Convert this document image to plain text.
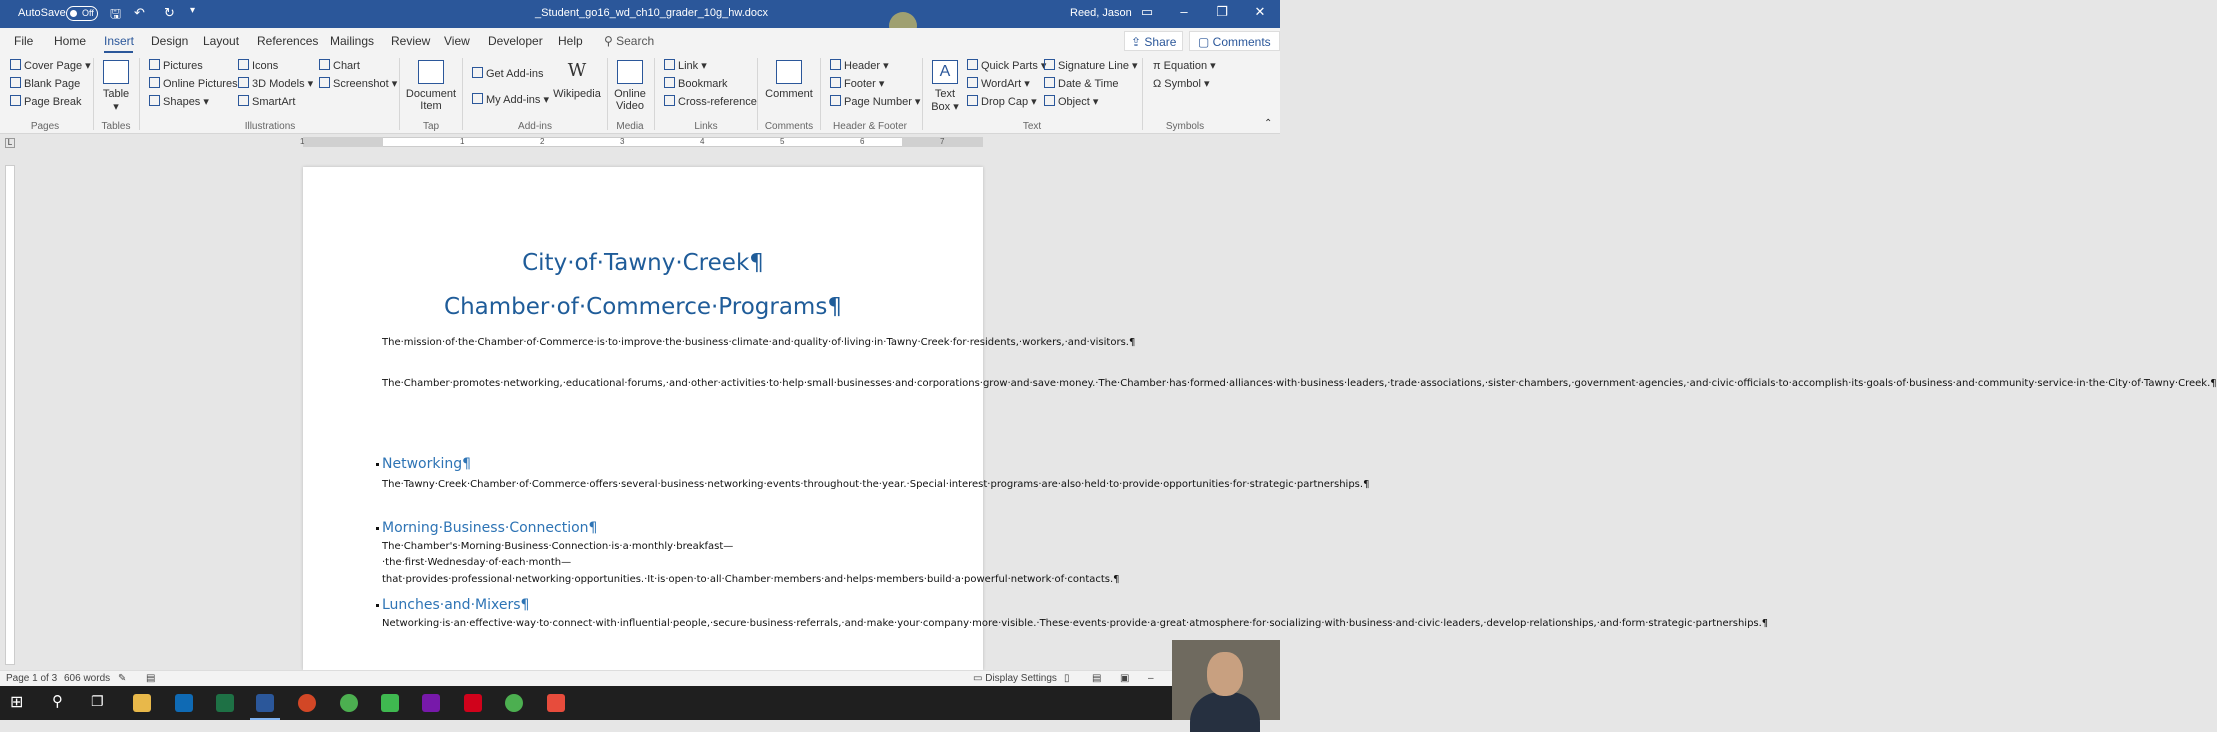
AutoSave	Off	🖫 ↶ ↻ ▾	_Student_go16_wd_ch10_grader_10g_hw.docx	Reed, Jason ▭	–	❐	✕
File Home Insert Design Layout References Mailings Review View Developer Help ⚲ Search	⇪ Share	▢ Comments
Cover Page ▾
Blank Page
Page Break
Pages
Table
▾
Tables
Pictures
Online Pictures
Shapes ▾
Icons
3D Models ▾
SmartArt
Chart
Screenshot ▾
Illustrations
Document
Item
Tap
Get Add-ins
My Add-ins ▾
W
Wikipedia
Add-ins
Online
Video
Media
Link ▾
Bookmark
Cross-reference
Links
Comment
Comments
Header ▾
Footer ▾
Page Number ▾
Header & Footer
A
Text
Box ▾
Quick Parts ▾
WordArt ▾
Drop Cap ▾
Signature Line ▾
Date & Time
Object ▾
Text
π Equation ▾
Ω Symbol ▾
Symbols	⌃
L	1	1	2	3	4	5	6	7
City·of·Tawny·Creek¶
Chamber·of·Commerce·Programs¶
The·mission·of·the·Chamber·of·Commerce·is·to·improve·the·business·climate·and·quality·of·living·in·Tawny·Creek·for·residents,·workers,·and·visitors.¶
The·Chamber·promotes·networking,·educational·forums,·and·other·activities·to·help·small·businesses·and·corporations·grow·and·save·money.·The·Chamber·has·formed·alliances·with·business·leaders,·trade·associations,·sister·chambers,·government·agencies,·and·civic·officials·to·accomplish·its·goals·of·business·and·community·service·in·the·City·of·Tawny·Creek.¶
Networking¶
The·Tawny·Creek·Chamber·of·Commerce·offers·several·business·networking·events·throughout·the·year.·Special·interest·programs·are·also·held·to·provide·opportunities·for·strategic·partnerships.¶
Morning·Business·Connection¶
The·Chamber's·Morning·Business·Connection·is·a·monthly·breakfast—·the·first·Wednesday·of·each·month—that·provides·professional·networking·opportunities.·It·is·open·to·all·Chamber·members·and·helps·members·build·a·powerful·network·of·contacts.¶
Lunches·and·Mixers¶
Networking·is·an·effective·way·to·connect·with·influential·people,·secure·business·referrals,·and·make·your·company·more·visible.·These·events·provide·a·great·atmosphere·for·socializing·with·business·and·civic·leaders,·develop·relationships,·and·form·strategic·partnerships.¶
Page 1 of 3 606 words ✎ ▤	▭ Display Settings ▯ ▤ ▣ –
⊞	⚲	❐
